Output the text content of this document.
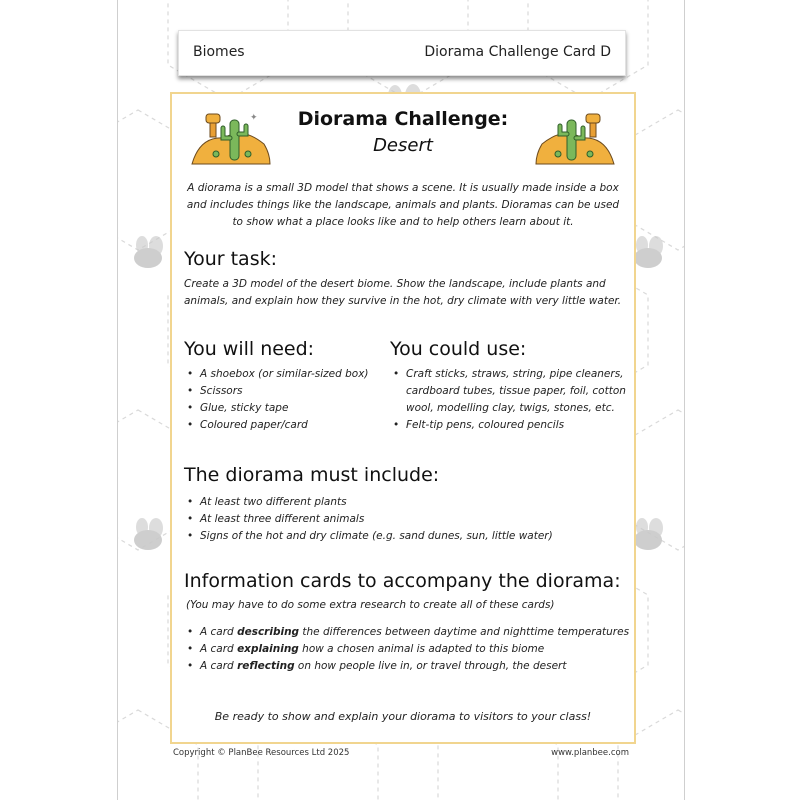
Biomes	Diorama Challenge Card D
✦	Diorama Challenge:
Desert
A diorama is a small 3D model that shows a scene. It is usually made inside a box and includes things like the landscape, animals and plants. Dioramas can be used to show what a place looks like and to help others learn about it.
Your task:
Create a 3D model of the desert biome. Show the landscape, include plants and animals, and explain how they survive in the hot, dry climate with very little water.
You will need:
• A shoebox (or similar-sized box)
• Scissors
• Glue, sticky tape
• Coloured paper/card
You could use:
• Craft sticks, straws, string, pipe cleaners, cardboard tubes, tissue paper, foil, cotton wool, modelling clay, twigs, stones, etc.
• Felt-tip pens, coloured pencils
The diorama must include:
• At least two different plants
• At least three different animals
• Signs of the hot and dry climate (e.g. sand dunes, sun, little water)
Information cards to accompany the diorama:
(You may have to do some extra research to create all of these cards)
• A card describing the differences between daytime and nighttime temperatures
• A card explaining how a chosen animal is adapted to this biome
• A card reflecting on how people live in, or travel through, the desert
Be ready to show and explain your diorama to visitors to your class!
Copyright © PlanBee Resources Ltd 2025	www.planbee.com
